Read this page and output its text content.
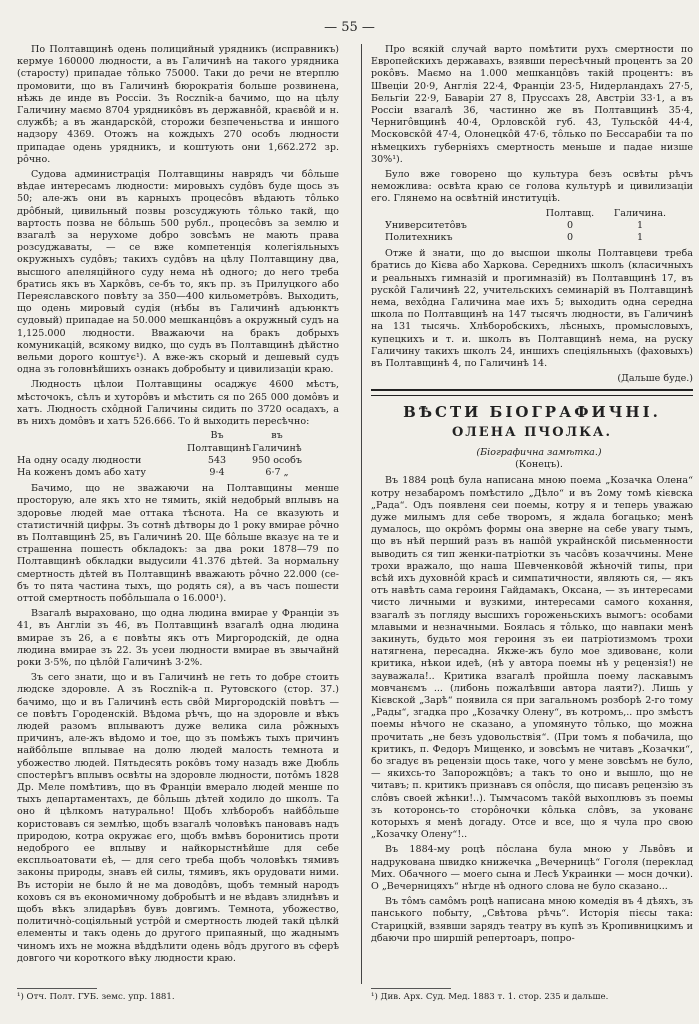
— 55 —

По Полтавщинѣ одень полицийный урядникъ (исправникъ) кермуе 160000 людности, а въ Галичинѣ на такого урядника (старосту) припадае тôлько 75000. Таки до речи не втерплю промовити, що въ Галичинѣ бюрократія больше розвинена, нѣжь де инде въ Россіи. Зъ Rocznik-а бачимо, що на цѣлу Галичину маємо 8704 урядникôвъ въ державнôй, краєвôй и н. службѣ; а въ жандарскôй, сторожи безпеченьства и иншого надзору 4369. Отожъ на кождыхъ 270 особъ людности припадае одень урядникъ, и коштують они 1,662.272 зр. рôчно.

Судова администрація Полтавщины наврядъ чи бôльше вѣдае интересамъ людности: мировыхъ судôвъ буде щось зъ 50; але-жъ они въ карныхъ процесôвъ вѣдають тôлько дрôбный, цивильный позвы розсуджують тôлько такй, що вартость позва не бôльшь 500 рубл., процесôвъ за землю и взагалѣ за нерухоме добро зовсѣмъ не мають права розсуджаваты, — се вже компетенція колегіяльныхъ окружныхъ судôвъ; такихъ судôвъ на цѣлу Полтавщину два, высшого апеляційного суду нема нѣ одного; до него треба братись якъ въ Харкôвъ, се-бъ то, якъ пр. зъ Прилуцкого або Переяславского повѣту за 350—400 кильометрôвъ. Выходить, що одень мировый судія (нѣбы въ Галичинѣ адъюнктъ судовый) припадае на 50.000 мешканцôвъ а окружный судъ на 1,125.000 людности. Вважаючи на бракъ добрыхъ комуникацій, всякому видко, що судъ въ Полтавщинѣ дѣйстно вельми дорого коштує¹). А вже-жъ скорый и дешевый судъ одна зъ головнѣйшихъ ознакъ добробыту и цивилизаціи краю.

Людность цѣлои Полтавщины осаджує 4600 мѣстъ, мѣсточокъ, сѣлъ и хуторôвъ и мѣстить ся по 265 000 домôвъ и хатъ. Людность схôдной Галичины сидить по 3720 осадахъ, а въ нихъ домôвъ и хатъ 526.666. То й выходить пересѣчно:

Въ Полтавщинѣ
въ Галичинѣ
На одну осаду людности	543	950 особъ
На коженъ домъ або хату	9·4	6·7 „

Бачимо, що не зважаючи на Полтавщины менше просторую, але якъ хто не тямить, якій недобрый вплывъ на здоровье людей мае оттака тѣснота. На се вказують и статистичній цифры. Зъ сотнѣ дѣтворы до 1 року вмирае рôчно въ Полтавщинѣ 25, въ Галичинѣ 20. Ще бôльше вказує на те и страшенна пошесть обкладокъ: за два роки 1878—79 по Полтавщинѣ обкладки выдусили 41.376 дѣтей. За нормальну смертность дѣтей въ Полтавщинѣ вважають рôчно 22.000 (се-бъ то пята частина тыхъ, що родять ся), а въ часъ пошести оттой смертность побôльшала о 16.000¹).

Взагалѣ выраховано, що одна людина вмирае у Франціи зъ 41, въ Англіи зъ 46, въ Полтавщинѣ взагалѣ одна людина вмирае зъ 26, а є повѣты якъ отъ Миргородскій, де одна людина вмирае зъ 22. Зъ усеи людности вмирае въ звычайнй роки 3·5%, по цѣлôй Галичинѣ 3·2%.

Зъ сего знати, що и въ Галичинѣ не геть то добре стоить людске здоровле. А зъ Rocznik-а п. Рутовского (стор. 37.) бачимо, що и въ Галичинѣ есть свôй Миргородскій повѣтъ — се повѣтъ Городенскій. Вѣдома рѣчъ, що на здоровле и вѣкъ людей разомъ вплываютъ дуже велика сила рôжныхъ причинъ, але-жъ вѣдомо и тое, що зъ помѣжъ тыхъ причинъ найбôльше вплывае на долю людей малость темнота и убожество людей. Пятьдесять рокôвъ тому назадъ вже Дюбль спостерѣгъ вплывъ освѣты на здоровле людности, потôмъ 1828 Др. Меле помѣтивъ, що въ Франціи вмерало людей менше по тыхъ департаментахъ, де бôльшь дѣтей ходило до школъ. Та оно й цѣлкомъ натурально! Щобъ хлѣборобъ найбôльше користовавъ ся землѣю, щобъ взагалѣ чоловѣкъ пановавъ надъ природою, котра окружає его, щобъ вмѣвъ боронитись проти недоброго ее вплыву и найкорыстнѣйше для себе експльоатовати еѣ, — для сего треба щобъ чоловѣкъ тямивъ законы природы, знавъ ей силы, тямивъ, якъ орудовати ними. Въ исторіи не было й не ма доводôвъ, щобъ темный народъ коховъ ся въ економичному добробытѣ и не вѣдавъ злиднѣвъ и щобъ вѣкъ злидарѣвъ бувъ довгимъ. Темнота, убожество, политичнò-соціяльный устрôй и смертность людей такй цѣлкй елементы и такъ одень до другого припаяный, що жаднымъ чиномъ ихъ не можна вѣддѣлити одень вôдъ другого въ сферѣ довгого чи короткого вѣку людности краю.

Про всякій случай варто помѣтити рухъ смертности по Европейскихъ державахъ, взявши пересѣчный процентъ за 20 рокôвъ. Маємо на 1.000 мешканцôвъ такій процентъ: въ Швеціи 20·9, Англія 22·4, Франціи 23·5, Нидерландахъ 27·5, Бельгіи 22·9, Баваріи 27 8, Пруссахъ 28, Австріи 33·1, а въ Россіи взагалѣ 36, частинно же въ Полтавщинѣ 35·4, Чернигôвщинѣ 40·4, Орловскôй губ. 43, Тульскôй 44·4, Московскôй 47·4, Олонецкôй 47·6, тôлько по Бессарабіи та по нѣмецкихъ губерніяхъ смертность меньше и падае низше 30%¹).

Було вже говорено що культура безъ освѣты рѣчъ неможлива: освѣта краю се голова культурѣ и цивилизаціи его. Глянемо на освѣтній институціѣ.

Полтавщ.	Галичина.
Университетôвъ	0	1
Политехникъ	0	1

Отже й знати, що до высшои школы Полтавцеви треба братись до Кієва або Харкова. Середнихъ школъ (класичныхъ и реальныхъ гимназій и прогимназій) въ Полтавщинѣ 17, въ рускôй Галичинѣ 22, учительскихъ семинарій въ Полтавщинѣ нема, вехôдна Галичина мае ихъ 5; выходить одна середна школа по Полтавщинѣ на 147 тысячъ людности, въ Галичинѣ на 131 тысячь. Хлѣборобскихъ, лѣсныхъ, промысловыхъ, купецкихъ и т. и. школъ въ Полтавщинѣ нема, на руску Галичину такихъ школъ 24, иншихъ спеціяльныхъ (фаховыхъ) въ Полтавщинѣ 4, по Галичинѣ 14.

(Дальше буде.)
ВѢСТИ БІОГРАФИЧНІ.
ОЛЕНА ПЧОЛКА.

(Біографична замѣтка.)

(Конецъ).

Въ 1884 роцѣ була написана мною поема „Козачка Олена“ котру незабаромъ помѣстило „Дѣло“ и въ 2ому томѣ кієвска „Рада“. Одъ появленя сеи поемы, котру я и теперь уважаю дуже милымъ для себе творомъ, я ждала богацько; менѣ думалось, що окрôмъ формы она зверне на себе увагу тымъ, що въ нѣй перший разъ въ нашôй украйнскôй письменности выводить ся тип женки-патріотки зъ часôвъ козаччины. Мене трохи вражало, що наша Шевченковôй жѣночій типы, при всѣй ихъ духовнôй красѣ и симпатичности, являють ся, — якъ отъ навѣть сама героиня Гайдамакъ, Оксана, — зъ интересами чисто личными и вузкими, интересами самого кохання, взагалѣ зъ погляду высшихъ гороженьскихъ вымогъ: особами млавыми и незначными. Боялась я тôлько, що навпаки менѣ закинуть, будьто моя героиня зъ еи патріотизмомъ трохи натягнена, пересадна. Якже-жъ було мое здивованє, коли критика, нѣкои идеѣ, (нѣ у автора поемы нѣ у рецензія!) не зауважала!.. Критика взагалѣ пройшла поему ласкавымъ мовчанємъ ... (либонь пожалѣвши автора лаяти?). Лишь у Кієвской „Зарѣ“ появила ся при загальномъ розборѣ 2-го тому „Рады“, згадка про „Козачку Олену“, въ котромъ,.. про змѣстъ поемы нѣчого не сказано, а упомянуто тôлько, що можна прочитать „не безъ удовольствія“. (При томъ я побачила, що критикъ, п. Федоръ Мищенко, и зовсѣмъ не читавъ „Козачки“, бо згадує въ рецензіи щось таке, чого у мене зовсѣмъ не було, — якихсь-то Запорожцôвъ; а такъ то оно и вышло, що не читавъ; п. критикъ признавъ ся опôсля, що писавъ рецензію зъ слôвъ своей жѣнки!..). Тымчасомъ такôй выхоплювъ зъ поемы зъ которонсь-то сторôночки кôлька слôвъ, за укованє которыхъ я менѣ догаду. Отсе и все, що я чула про свою „Козачку Олену“!..

Въ 1884-му роцѣ пôслана була мною у Львôвъ и надрукована швидко книжечка „Вечерницѣ“ Гоголя (переклад Мих. Обачного — моего сына и Лесѣ Украинки — мосн дочки). О „Вечерницяхъ“ нѣгде нѣ одного слова не було сказано...

Въ тôмъ самôмъ роцѣ написана мною комедія въ 4 дѣяхъ, зъ панського побыту, „Свѣтова рѣчь“. Исторія пієсы така: Старицкій, взявши зарядъ театру въ купѣ зъ Кропивницкимъ и дбаючи про ширшій репертоаръ, попро-

¹) Отч. Полт. ГУБ. земс. упр. 1881.	¹) Див. Арх. Суд. Мед. 1883 т. 1. стор. 235 и дальше.
